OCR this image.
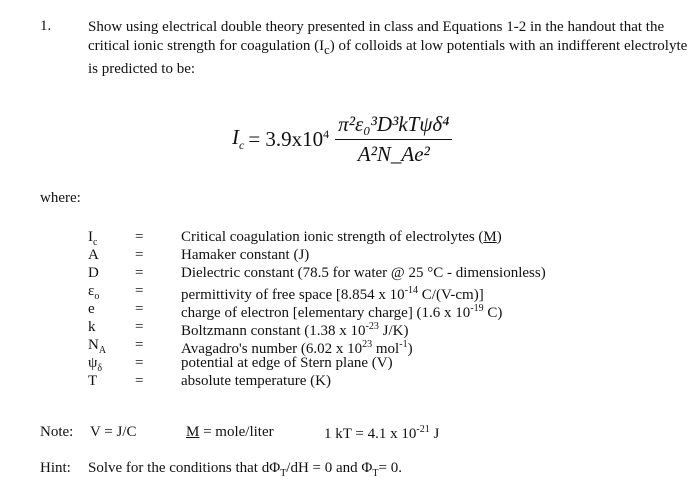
1. Show using electrical double theory presented in class and Equations 1-2 in the handout that the critical ionic strength for coagulation $(I_c)$ of colloids at low potentials with an indifferent electrolyte is predicted to be:
$I_c = 3.9x10^4 \frac{\text{π²ε₀³D³kTψδ⁴}}{\text{A²N\_Ae²}}$
where:
$I_c$	=	Critical coagulation ionic strength of electrolytes (M)
A	=	Hamaker constant (J)
D	=	Dielectric constant (78.5 for water @ 25 °C - dimensionless)
$\varepsilon_o$	=	permittivity of free space [8.854 x $10^{-14}$ C/(V-cm)]
e	=	charge of electron [elementary charge] (1.6 x $10^{-19}$ C)
k	=	Boltzmann constant (1.38 x $10^{-23}$ J/K)
$N_A$	=	Avagadro's number (6.02 x $10^{23}$ mol$^{-1}$)
$\psi_\delta$	=	potential at edge of Stern plane (V)
T	=	absolute temperature (K)
Note: V = J/C	M = mole/liter	1 kT = 4.1 x $10^{-21}$ J
Hint: Solve for the conditions that $d\Phi_T/dH = 0$ and $\Phi_T= 0$.
